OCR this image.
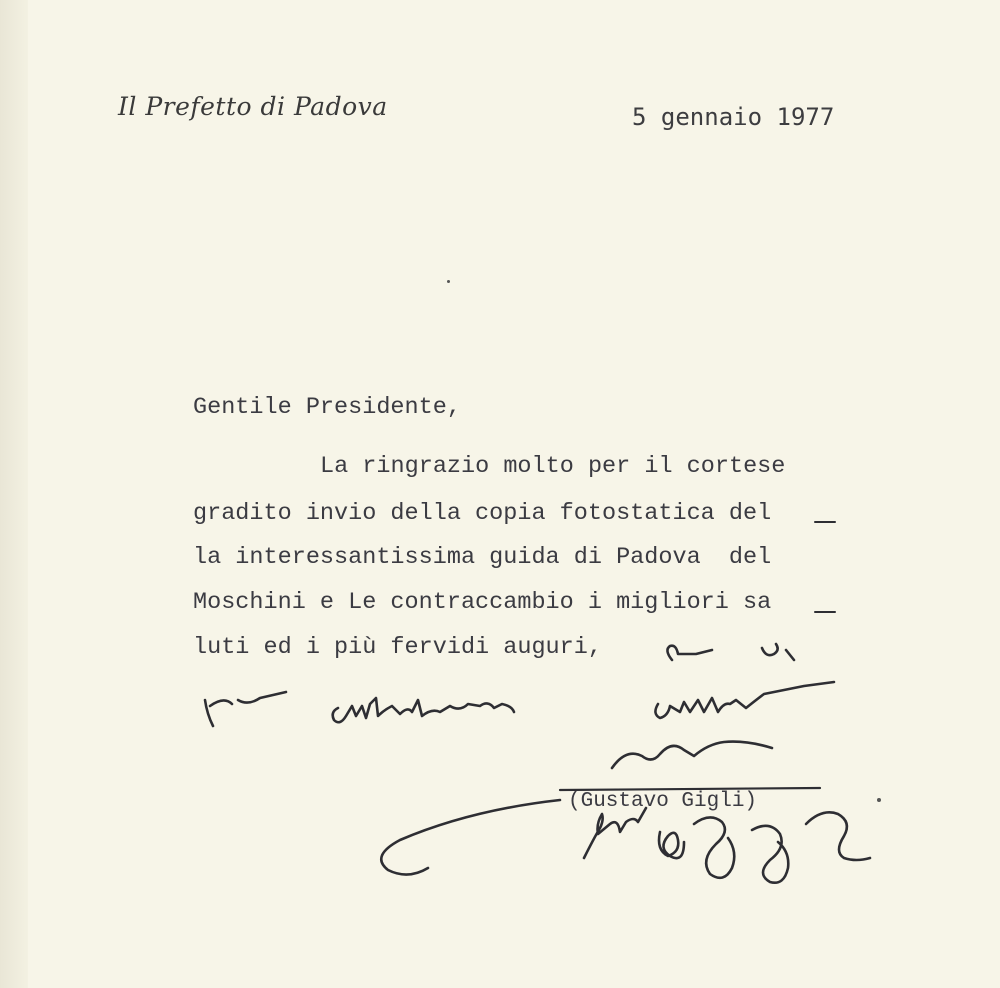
Il Prefetto di Padova	5 gennaio 1977
Gentile Presidente,
La ringrazio molto per il cortese
gradito invio della copia fotostatica del
la interessantissima guida di Padova  del
Moschini e Le contraccambio i migliori sa
luti ed i più fervidi auguri,
(Gustavo Gigli)
